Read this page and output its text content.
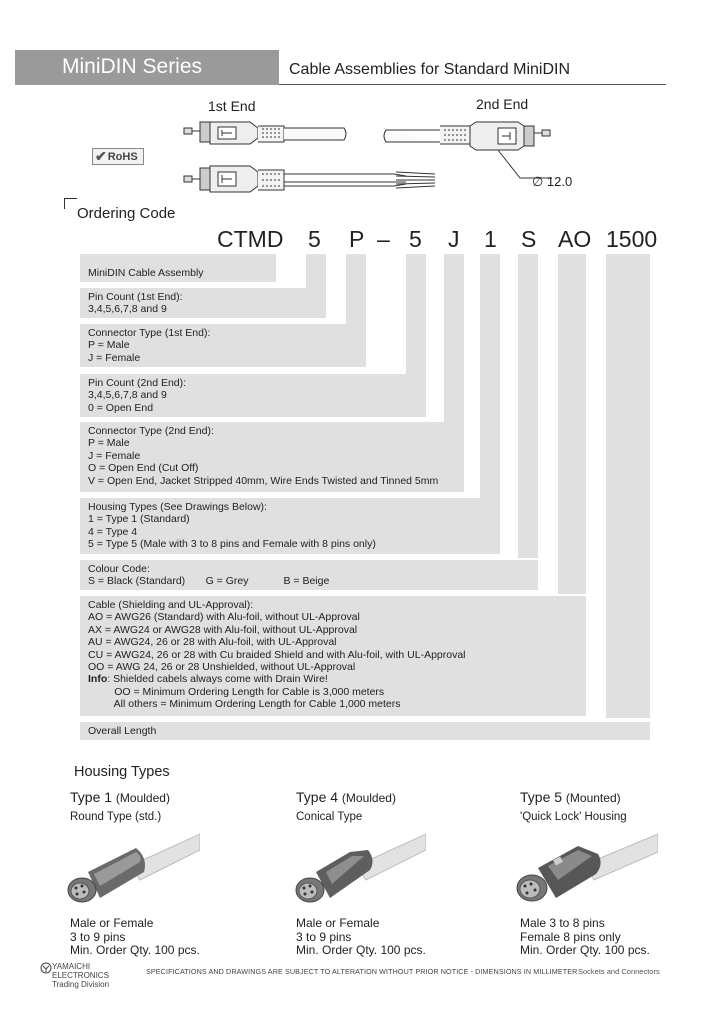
MiniDIN Series	Cable Assemblies for Standard MiniDIN
1st End	2nd End
✔ RoHS
∅ 12.0
Ordering Code
CTMD 5 P – 5 J 1 S AO 1500
MiniDIN Cable Assembly
Pin Count (1st End):
3,4,5,6,7,8 and 9
Connector Type (1st End):
P = Male
J = Female
Pin Count (2nd End):
3,4,5,6,7,8 and 9
0 = Open End
Connector Type (2nd End):
P = Male
J = Female
O = Open End (Cut Off)
V = Open End, Jacket Stripped 40mm, Wire Ends Twisted and Tinned 5mm
Housing Types (See Drawings Below):
1 = Type 1 (Standard)
4 = Type 4
5 = Type 5 (Male with 3 to 8 pins and Female with 8 pins only)
Colour Code:
S = Black (Standard)       G = Grey            B = Beige
Cable (Shielding and UL-Approval):
AO = AWG26 (Standard) with Alu-foil, without UL-Approval
AX = AWG24 or AWG28 with Alu-foil, without UL-Approval
AU = AWG24, 26 or 28 with Alu-foil, with UL-Approval
CU = AWG24, 26 or 28 with Cu braided Shield and with Alu-foil, with UL-Approval
OO = AWG 24, 26 or 28 Unshielded, without UL-Approval
Info: Shielded cabels always come with Drain Wire!
OO = Minimum Ordering Length for Cable is 3,000 meters
All others = Minimum Ordering Length for Cable 1,000 meters
Overall Length
Housing Types
Type 1 (Moulded)
Round Type (std.)
Male or Female
3 to 9 pins
Min. Order Qty. 100 pcs.
Type 4 (Moulded)
Conical Type
Male or Female
3 to 9 pins
Min. Order Qty. 100 pcs.
Type 5 (Mounted)
'Quick Lock' Housing
Male 3 to 8 pins
Female 8 pins only
Min. Order Qty. 100 pcs.
YAMAICHI
ELECTRONICS
Trading Division
SPECIFICATIONS AND DRAWINGS ARE SUBJECT TO ALTERATION WITHOUT PRIOR NOTICE - DIMENSIONS IN MILLIMETER Sockets and Connectors
